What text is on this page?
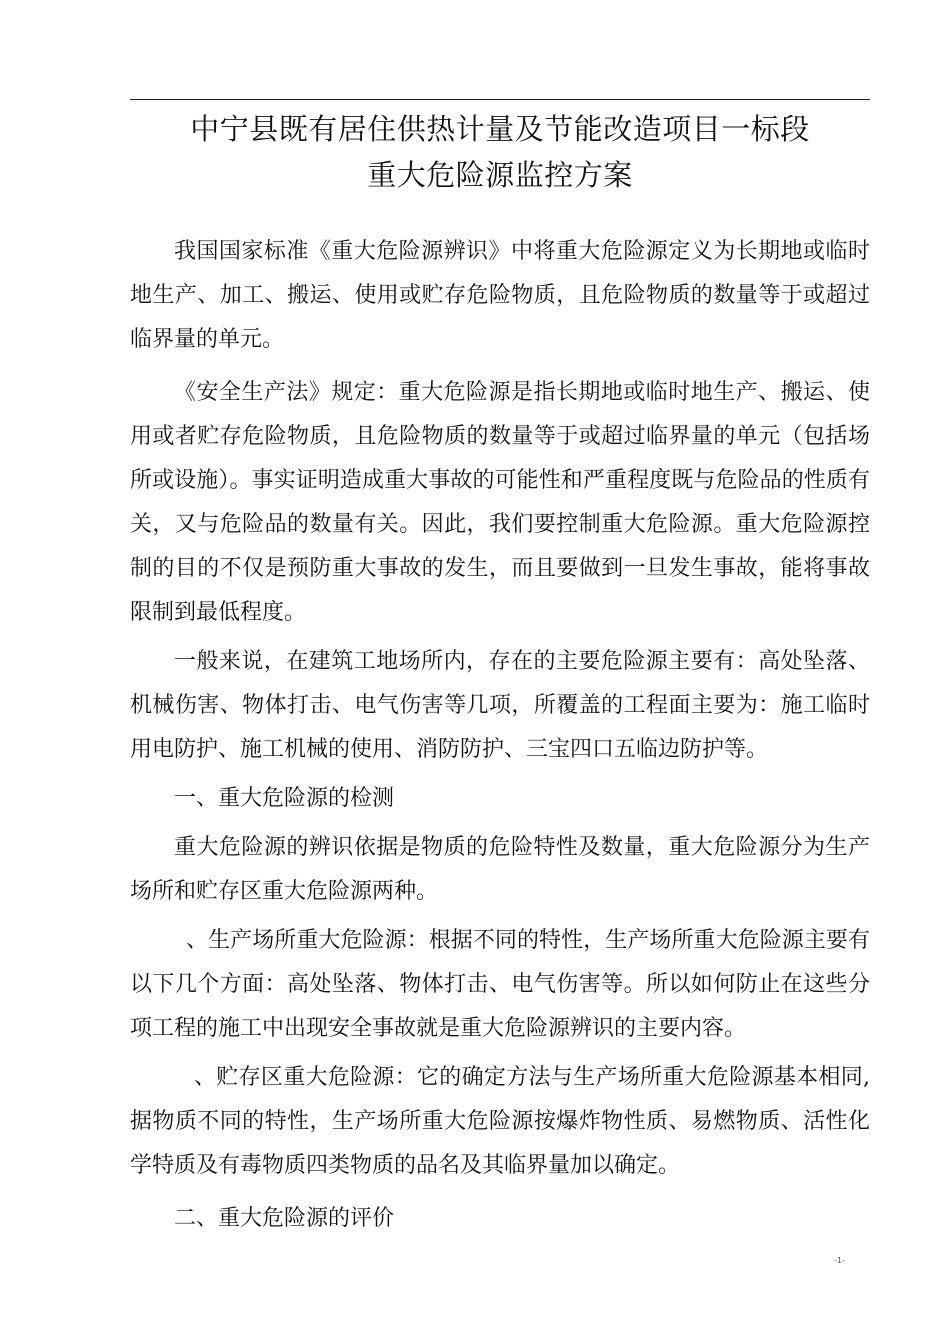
中宁县既有居住供热计量及节能改造项目一标段
重大危险源监控方案

我国国家标准《重大危险源辨识》中将重大危险源定义为长期地或临时地生产、加工、搬运、使用或贮存危险物质，且危险物质的数量等于或超过临界量的单元。

《安全生产法》规定：重大危险源是指长期地或临时地生产、搬运、使用或者贮存危险物质，且危险物质的数量等于或超过临界量的单元（包括场所或设施）。事实证明造成重大事故的可能性和严重程度既与危险品的性质有关，又与危险品的数量有关。因此，我们要控制重大危险源。重大危险源控制的目的不仅是预防重大事故的发生，而且要做到一旦发生事故，能将事故限制到最低程度。

一般来说，在建筑工地场所内，存在的主要危险源主要有：高处坠落、机械伤害、物体打击、电气伤害等几项，所覆盖的工程面主要为：施工临时用电防护、施工机械的使用、消防防护、三宝四口五临边防护等。

一、重大危险源的检测

重大危险源的辨识依据是物质的危险特性及数量，重大危险源分为生产场所和贮存区重大危险源两种。

、生产场所重大危险源：根据不同的特性，生产场所重大危险源主要有以下几个方面：高处坠落、物体打击、电气伤害等。所以如何防止在这些分项工程的施工中出现安全事故就是重大危险源辨识的主要内容。

、贮存区重大危险源：它的确定方法与生产场所重大危险源基本相同,据物质不同的特性，生产场所重大危险源按爆炸物性质、易燃物质、活性化学特质及有毒物质四类物质的品名及其临界量加以确定。

二、重大危险源的评价

-1-
